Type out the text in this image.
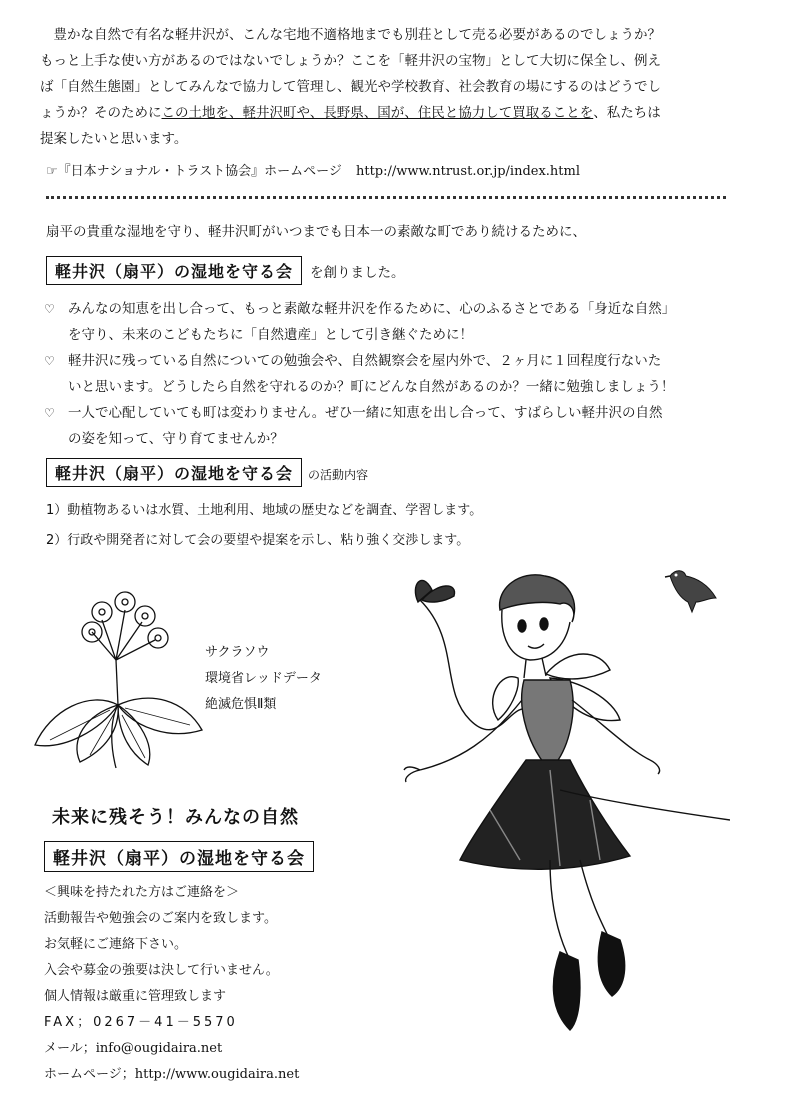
豊かな自然で有名な軽井沢が、こんな宅地不適格地までも別荘として売る必要があるのでしょうか？

もっと上手な使い方があるのではないでしょうか？ここを「軽井沢の宝物」として大切に保全し、例え

ば「自然生態園」としてみんなで協力して管理し、観光や学校教育、社会教育の場にするのはどうでし

ょうか？そのためにこの土地を、軽井沢町や、長野県、国が、住民と協力して買取ることを、私たちは

提案したいと思います。

☞『日本ナショナル・トラスト協会』ホームページ http://www.ntrust.or.jp/index.html
扇平の貴重な湿地を守り、軽井沢町がいつまでも日本一の素敵な町であり続けるために、
軽井沢（扇平）の湿地を守る会 を創りました。
♡ みんなの知恵を出し合って、もっと素敵な軽井沢を作るために、心のふるさとである「身近な自然」
を守り、未来のこどもたちに「自然遺産」として引き継ぐために！
♡ 軽井沢に残っている自然についての勉強会や、自然観察会を屋内外で、２ヶ月に１回程度行ないた
いと思います。どうしたら自然を守れるのか？町にどんな自然があるのか？一緒に勉強しましょう！
♡ 一人で心配していても町は変わりません。ぜひ一緒に知恵を出し合って、すばらしい軽井沢の自然
の姿を知って、守り育てませんか？
軽井沢（扇平）の湿地を守る会 の活動内容
1）動植物あるいは水質、土地利用、地域の歴史などを調査、学習します。
2）行政や開発者に対して会の要望や提案を示し、粘り強く交渉します。
サクラソウ
環境省レッドデータ
絶滅危惧Ⅱ類
未来に残そう！みんなの自然
軽井沢（扇平）の湿地を守る会
＜興味を持たれた方はご連絡を＞
活動報告や勉強会のご案内を致します。
お気軽にご連絡下さい。
入会や募金の強要は決して行いません。
個人情報は厳重に管理致します
FAX；0267－41－5570
メール；info@ougidaira.net
ホームページ；http://www.ougidaira.net
